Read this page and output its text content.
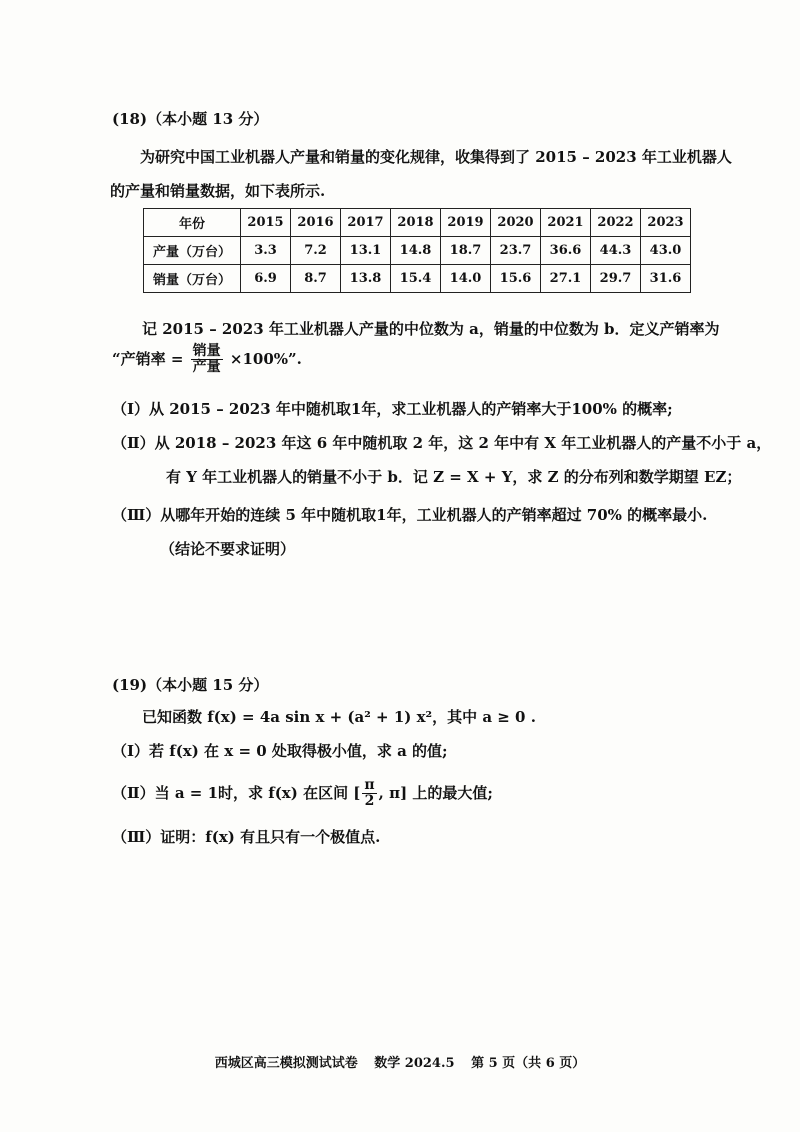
(18)（本小题 13 分）
为研究中国工业机器人产量和销量的变化规律，收集得到了 2015 – 2023 年工业机器人
的产量和销量数据，如下表所示.
年份	2015	2016	2017	2018	2019	2020	2021	2022	2023
产量（万台）	3.3	7.2	13.1	14.8	18.7	23.7	36.6	44.3	43.0
销量（万台）	6.9	8.7	13.8	15.4	14.0	15.6	27.1	29.7	31.6
记 2015 – 2023 年工业机器人产量的中位数为 a，销量的中位数为 b．定义产销率为
“产销率 = $\frac{\text{销量}}{\text{产量}} \times 100\%$”.
（Ⅰ）从 2015 – 2023 年中随机取1年，求工业机器人的产销率大于100% 的概率;
（Ⅱ）从 2018 – 2023 年这 6 年中随机取 2 年，这 2 年中有 X 年工业机器人的产量不小于 a，
有 Y 年工业机器人的销量不小于 b．记 Z = X + Y，求 Z 的分布列和数学期望 EZ；
（Ⅲ）从哪年开始的连续 5 年中随机取1年，工业机器人的产销率超过 70% 的概率最小.
（结论不要求证明）
(19)（本小题 15 分）
已知函数 f(x) = 4a sin x + (a² + 1) x²，其中 a ≥ 0 .
（Ⅰ）若 f(x) 在 x = 0 处取得极小值，求 a 的值;
（Ⅱ）当 a = 1时，求 f(x) 在区间 [ $\frac{\pi}{2}$ , π] 上的最大值;
（Ⅲ）证明：f(x) 有且只有一个极值点.
西城区高三模拟测试试卷 数学 2024.5 第 5 页（共 6 页）
